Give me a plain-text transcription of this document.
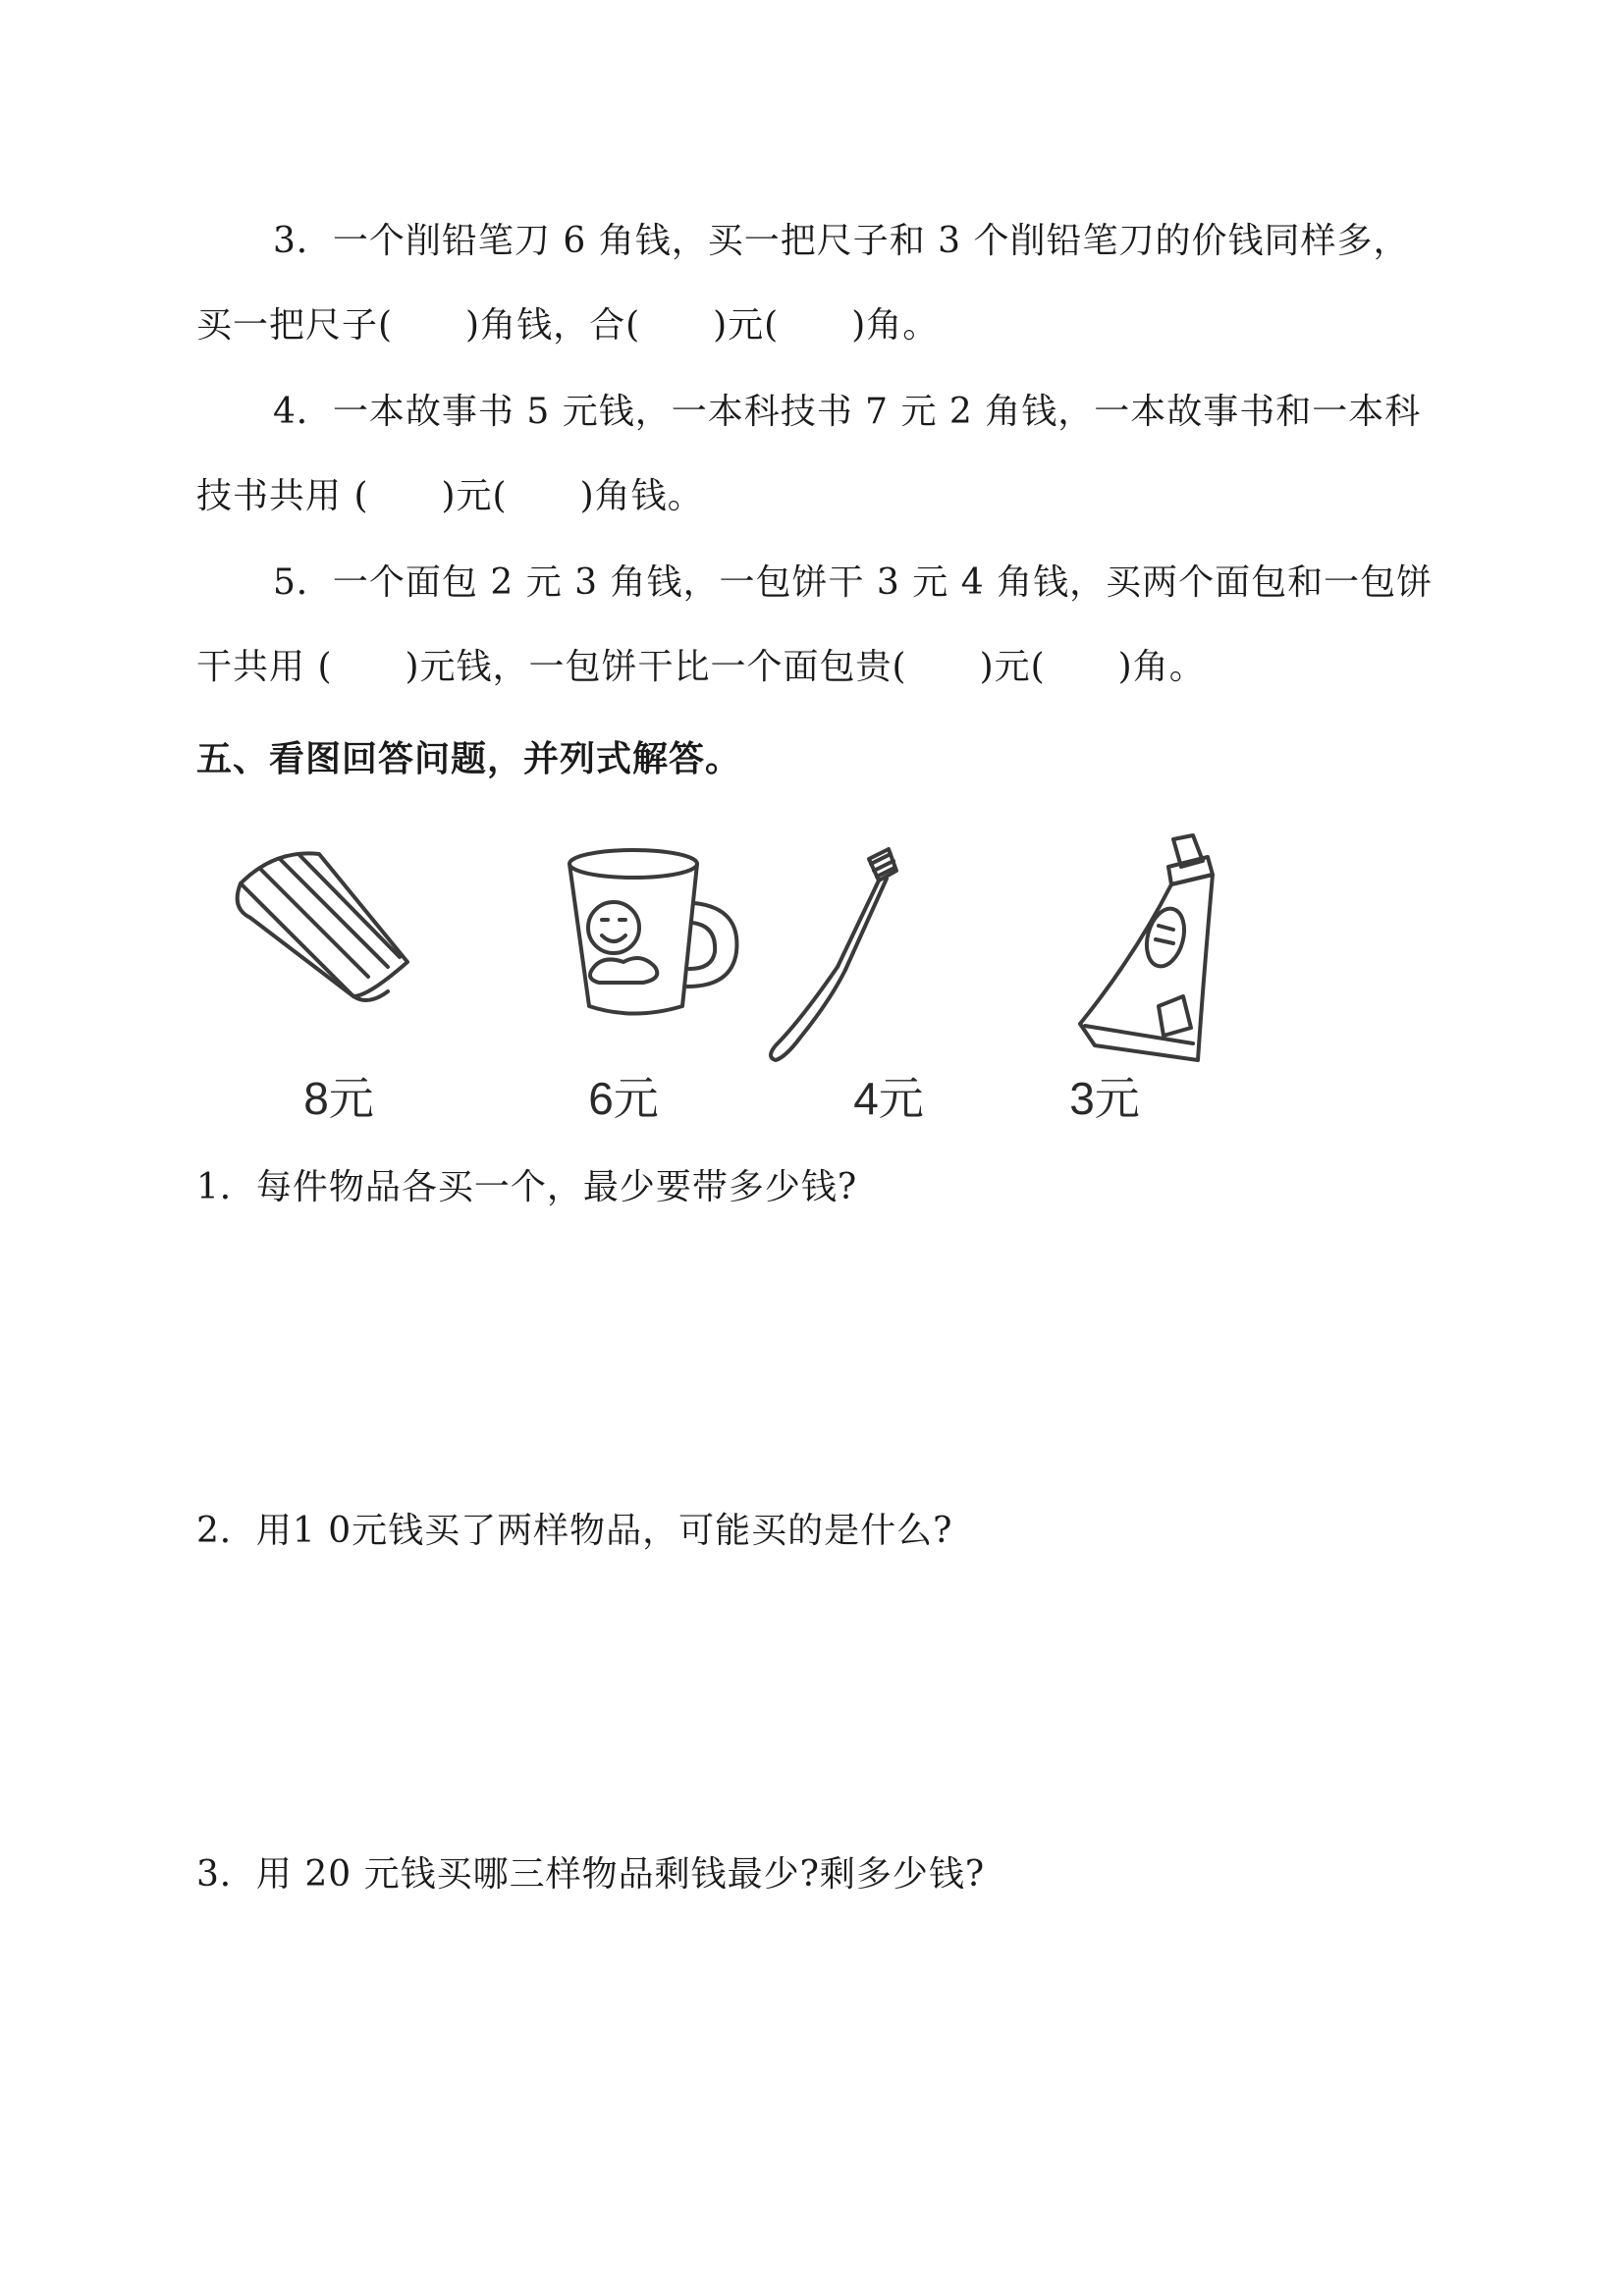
3．一个削铅笔刀 6 角钱，买一把尺子和 3 个削铅笔刀的价钱同样多，

买一把尺子(　　)角钱，合(　　)元(　　)角。

4．一本故事书 5 元钱，一本科技书 7 元 2 角钱，一本故事书和一本科

技书共用 (　　)元(　　)角钱。

5．一个面包 2 元 3 角钱，一包饼干 3 元 4 角钱，买两个面包和一包饼

干共用 (　　)元钱，一包饼干比一个面包贵(　　)元(　　)角。

五、看图回答问题，并列式解答。

8元	6元	4元	3元

1．每件物品各买一个，最少要带多少钱?

2．用1 0元钱买了两样物品，可能买的是什么?

3．用 20 元钱买哪三样物品剩钱最少?剩多少钱?
